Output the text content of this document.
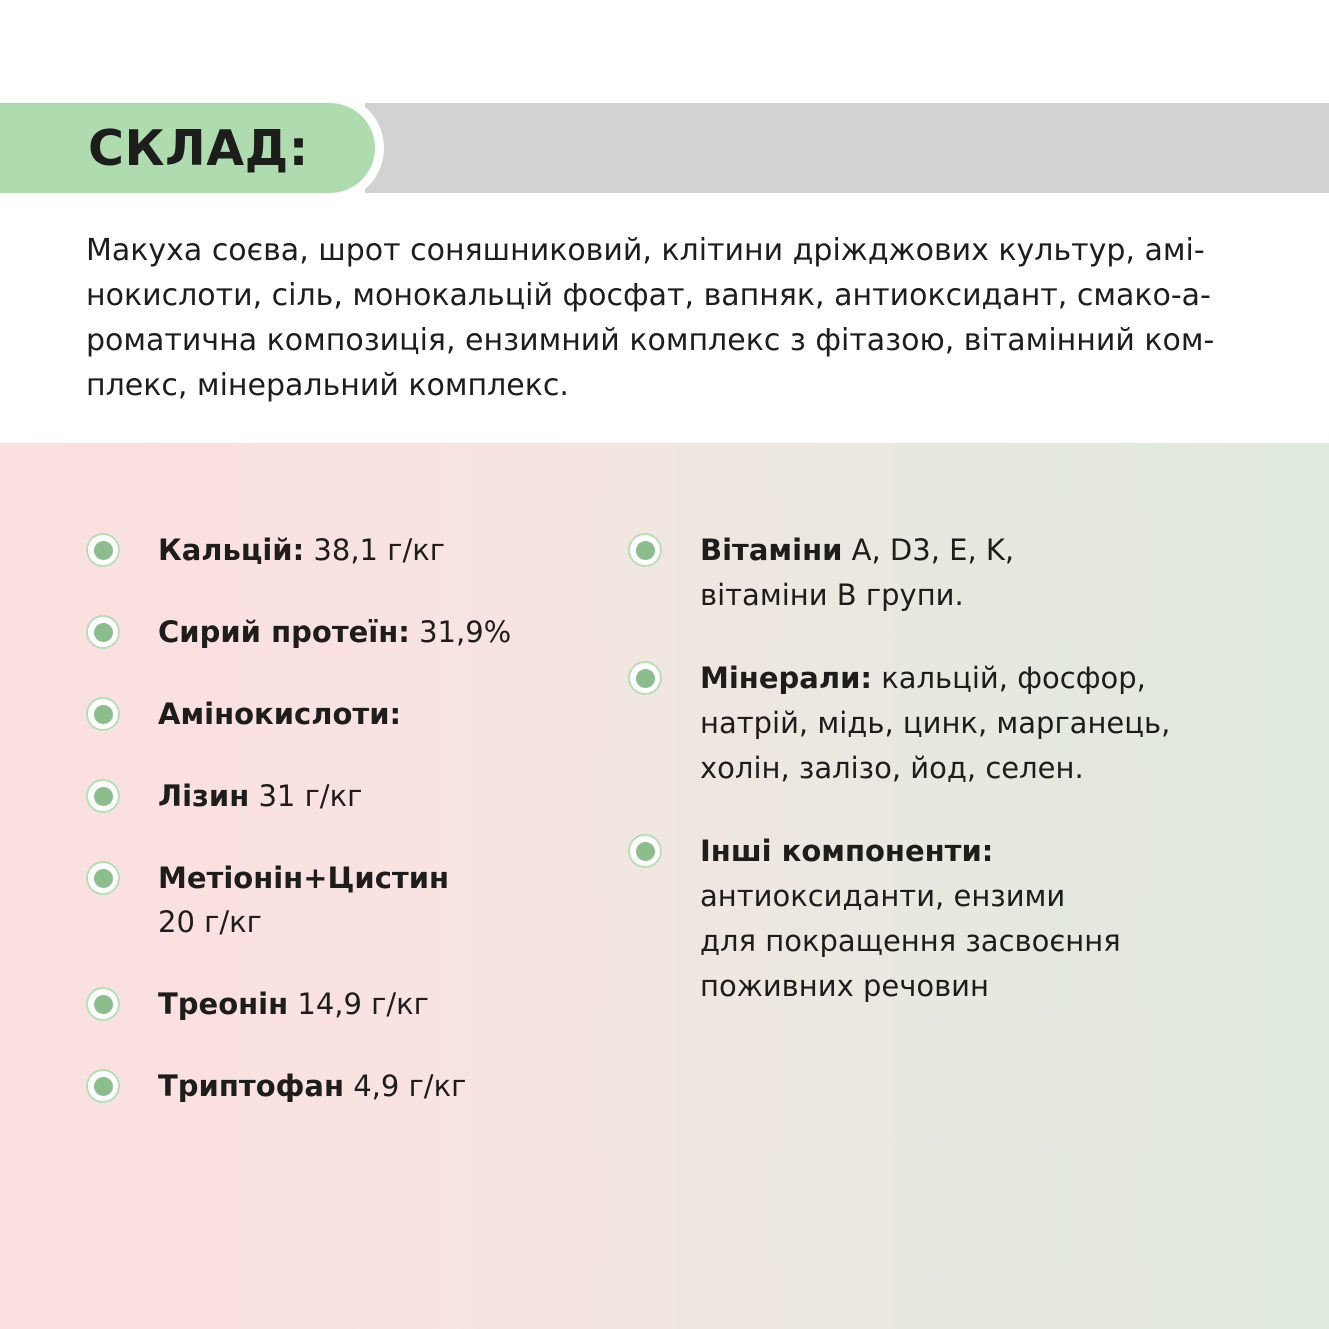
СКЛАД:

Макуха соєва, шрот соняшниковий, клітини дріжджових культур, амі-

нокислоти, сіль, монокальцій фосфат, вапняк, антиоксидант, смако-а-

роматична композиція, ензимний комплекс з фітазою, вітамінний ком-

плекс, мінеральний комплекс.

Кальцій: 38,1 г/кг
Сирий протеїн: 31,9%
Амінокислоти:
Лізин 31 г/кг
Метіонін+Цистин
20 г/кг
Треонін 14,9 г/кг
Триптофан 4,9 г/кг
Вітаміни A, D3, E, K,
вітаміни B групи.
Мінерали: кальцій, фосфор,
натрій, мідь, цинк, марганець,
холін, залізо, йод, селен.
Інші компоненти:
антиоксиданти, ензими
для покращення засвоєння
поживних речовин
